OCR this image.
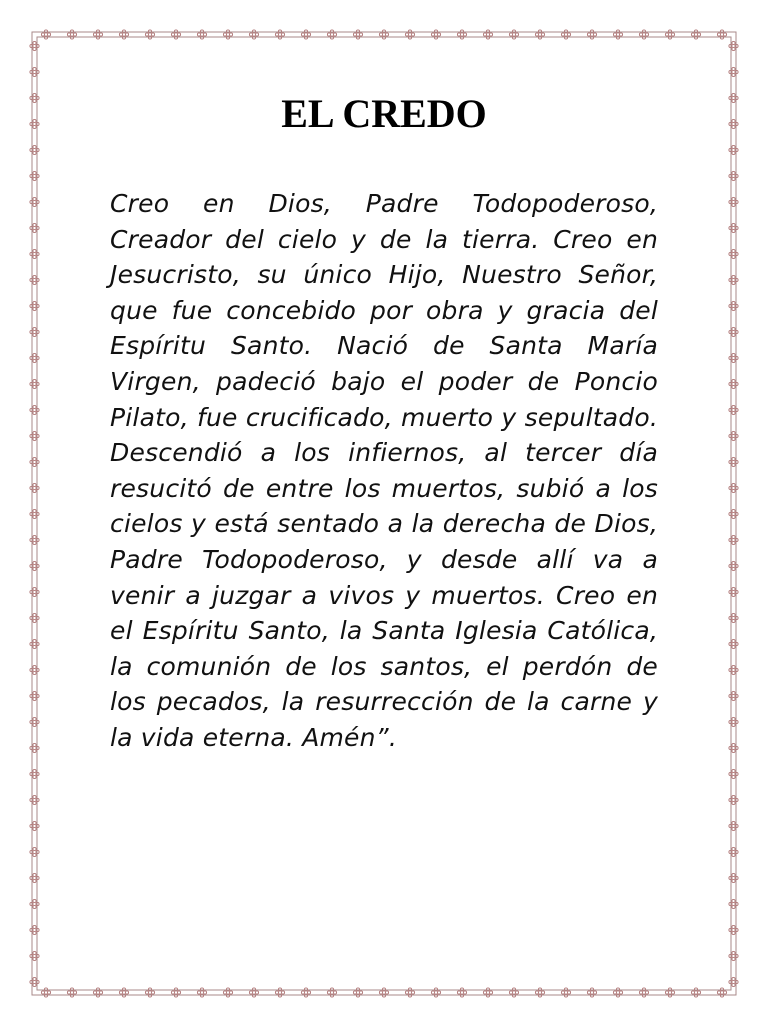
EL CREDO

Creo en Dios, Padre Todopoderoso, Creador del cielo y de la tierra. Creo en Jesucristo, su único Hijo, Nuestro Señor, que fue concebido por obra y gracia del Espíritu Santo. Nació de Santa María Virgen, padeció bajo el poder de Poncio Pilato, fue crucificado, muerto y sepultado. Descendió a los infiernos, al tercer día resucitó de entre los muertos, subió a los cielos y está sentado a la derecha de Dios, Padre Todopoderoso, y desde allí va a venir a juzgar a vivos y muertos. Creo en el Espíritu Santo, la Santa Iglesia Católica, la comunión de los santos, el perdón de los pecados, la resurrección de la carne y la vida eterna. Amén”.
